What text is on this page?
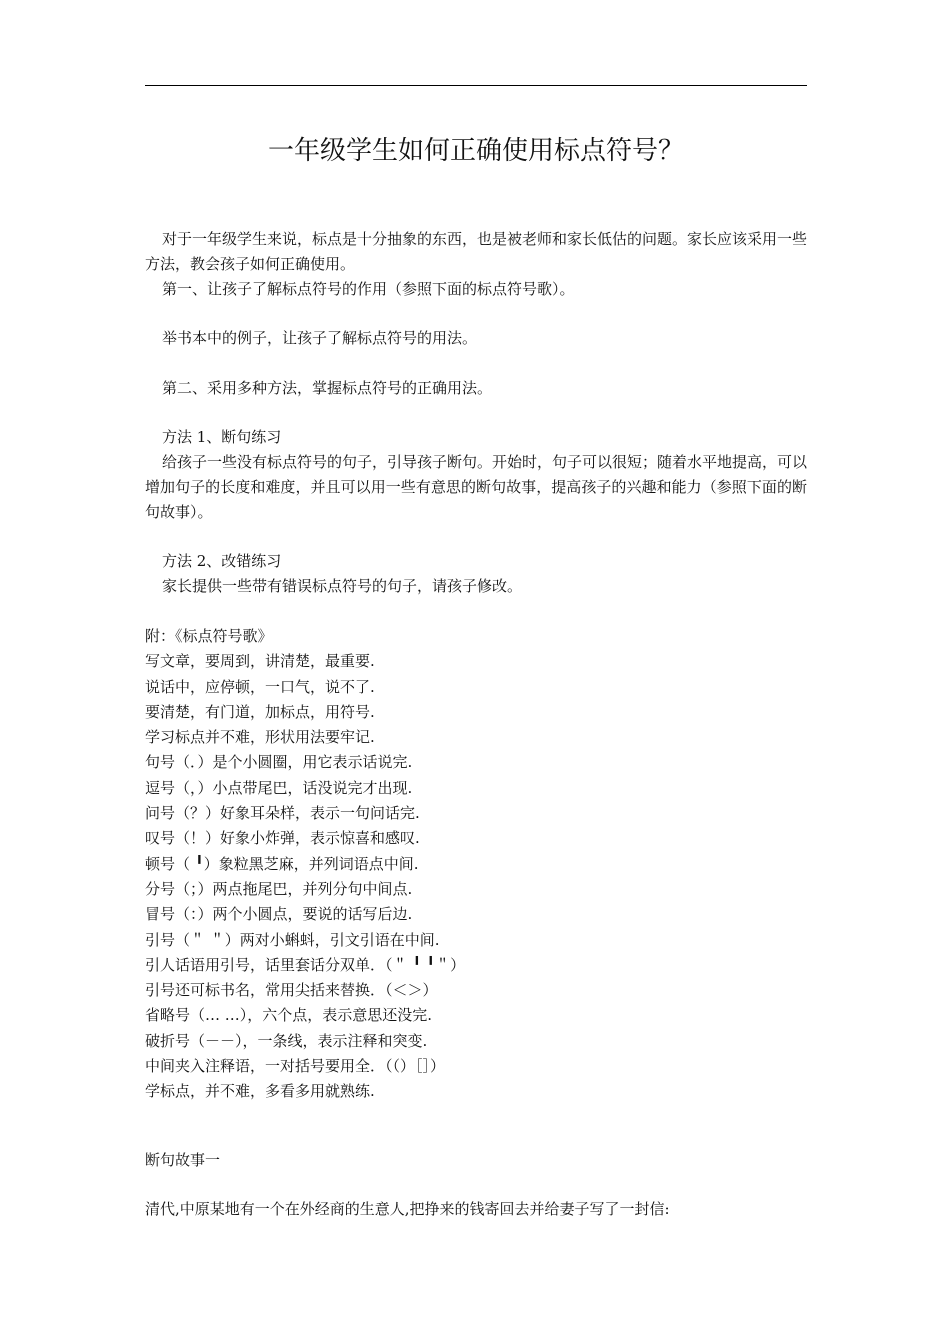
一年级学生如何正确使用标点符号？

对于一年级学生来说，标点是十分抽象的东西，也是被老师和家长低估的问题。家长应该采用一些方法，教会孩子如何正确使用。

第一、让孩子了解标点符号的作用（参照下面的标点符号歌）。

举书本中的例子，让孩子了解标点符号的用法。

第二、采用多种方法，掌握标点符号的正确用法。

方法 1、断句练习

给孩子一些没有标点符号的句子，引导孩子断句。开始时，句子可以很短；随着水平地提高，可以增加句子的长度和难度，并且可以用一些有意思的断句故事，提高孩子的兴趣和能力（参照下面的断句故事）。

方法 2、改错练习

家长提供一些带有错误标点符号的句子，请孩子修改。

附：《标点符号歌》
写文章，要周到，讲清楚，最重要.
说话中，应停顿，一口气，说不了.
要清楚，有门道，加标点，用符号.
学习标点并不难，形状用法要牢记.
句号（．）是个小圆圈，用它表示话说完.
逗号（，）小点带尾巴，话没说完才出现.
问号（？）好象耳朵样，表示一句问话完.
叹号（！）好象小炸弹，表示惊喜和感叹.
顿号（ ╹）象粒黑芝麻，并列词语点中间.
分号（；）两点拖尾巴，并列分句中间点.
冒号（：）两个小圆点，要说的话写后边.
引号（＂ ＂）两对小蝌蚪，引文引语在中间.
引人话语用引号，话里套话分双单．（＂ ╹ ╹＂）
引号还可标书名，常用尖括来替换．（＜＞）
省略号（… …），六个点，表示意思还没完.
破折号（－－），一条线，表示注释和突变.
中间夹入注释语，一对括号要用全．（（）［］）
学标点，并不难，多看多用就熟练.

断句故事一

清代,中原某地有一个在外经商的生意人,把挣来的钱寄回去并给妻子写了一封信:
